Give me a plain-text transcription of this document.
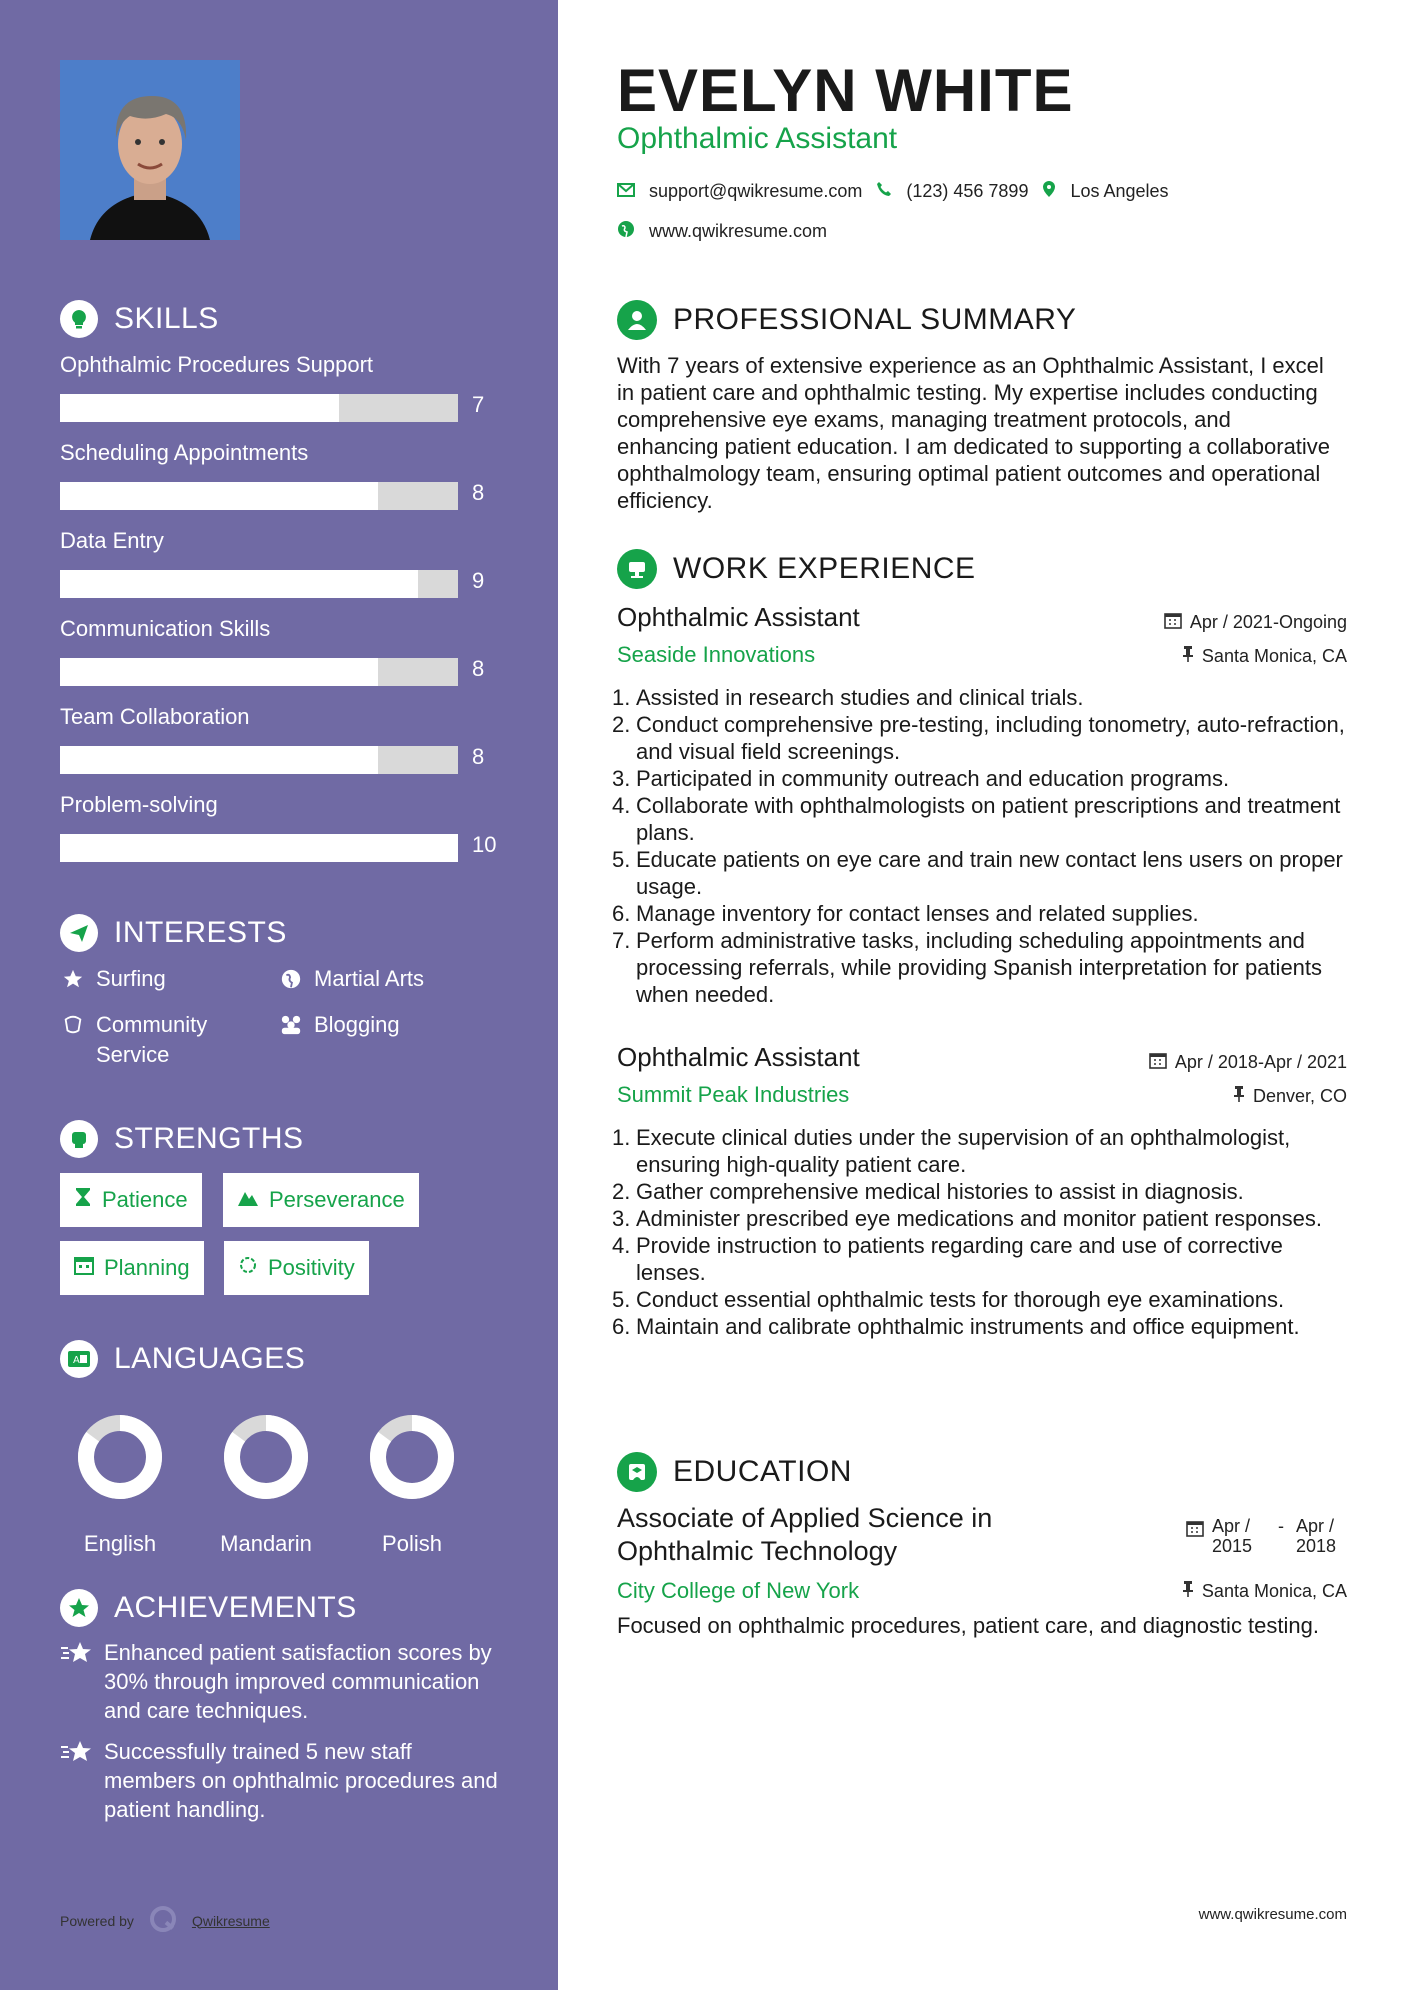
SKILLS
Ophthalmic Procedures Support
7
Scheduling Appointments
8
Data Entry
9
Communication Skills
8
Team Collaboration
8
Problem-solving
10
INTERESTS
Surfing	Martial Arts
Community Service
Blogging
STRENGTHS
Patience	Perseverance
Planning	Positivity
A LANGUAGES
English	Mandarin	Polish
ACHIEVEMENTS
Enhanced patient satisfaction scores by 30% through improved communication and care techniques.
Successfully trained 5 new staff members on ophthalmic procedures and patient handling.
Powered by	Qwikresume
EVELYN WHITE
Ophthalmic Assistant
support@qwikresume.com (123) 456 7899 Los Angeles
www.qwikresume.com
PROFESSIONAL SUMMARY
With 7 years of extensive experience as an Ophthalmic Assistant, I excel in patient care and ophthalmic testing. My expertise includes conducting comprehensive eye exams, managing treatment protocols, and enhancing patient education. I am dedicated to supporting a collaborative ophthalmology team, ensuring optimal patient outcomes and operational efficiency.
WORK EXPERIENCE
Ophthalmic Assistant	Apr / 2021-Ongoing
Seaside Innovations	Santa Monica, CA
1. Assisted in research studies and clinical trials.
2. Conduct comprehensive pre-testing, including tonometry, auto-refraction, and visual field screenings.
3. Participated in community outreach and education programs.
4. Collaborate with ophthalmologists on patient prescriptions and treatment plans.
5. Educate patients on eye care and train new contact lens users on proper usage.
6. Manage inventory for contact lenses and related supplies.
7. Perform administrative tasks, including scheduling appointments and processing referrals, while providing Spanish interpretation for patients when needed.
Ophthalmic Assistant	Apr / 2018-Apr / 2021
Summit Peak Industries	Denver, CO
1. Execute clinical duties under the supervision of an ophthalmologist, ensuring high-quality patient care.
2. Gather comprehensive medical histories to assist in diagnosis.
3. Administer prescribed eye medications and monitor patient responses.
4. Provide instruction to patients regarding care and use of corrective lenses.
5. Conduct essential ophthalmic tests for thorough eye examinations.
6. Maintain and calibrate ophthalmic instruments and office equipment.
EDUCATION
Associate of Applied Science in Ophthalmic Technology
Apr / 2015
- Apr / 2018
City College of New York	Santa Monica, CA
Focused on ophthalmic procedures, patient care, and diagnostic testing.
www.qwikresume.com
